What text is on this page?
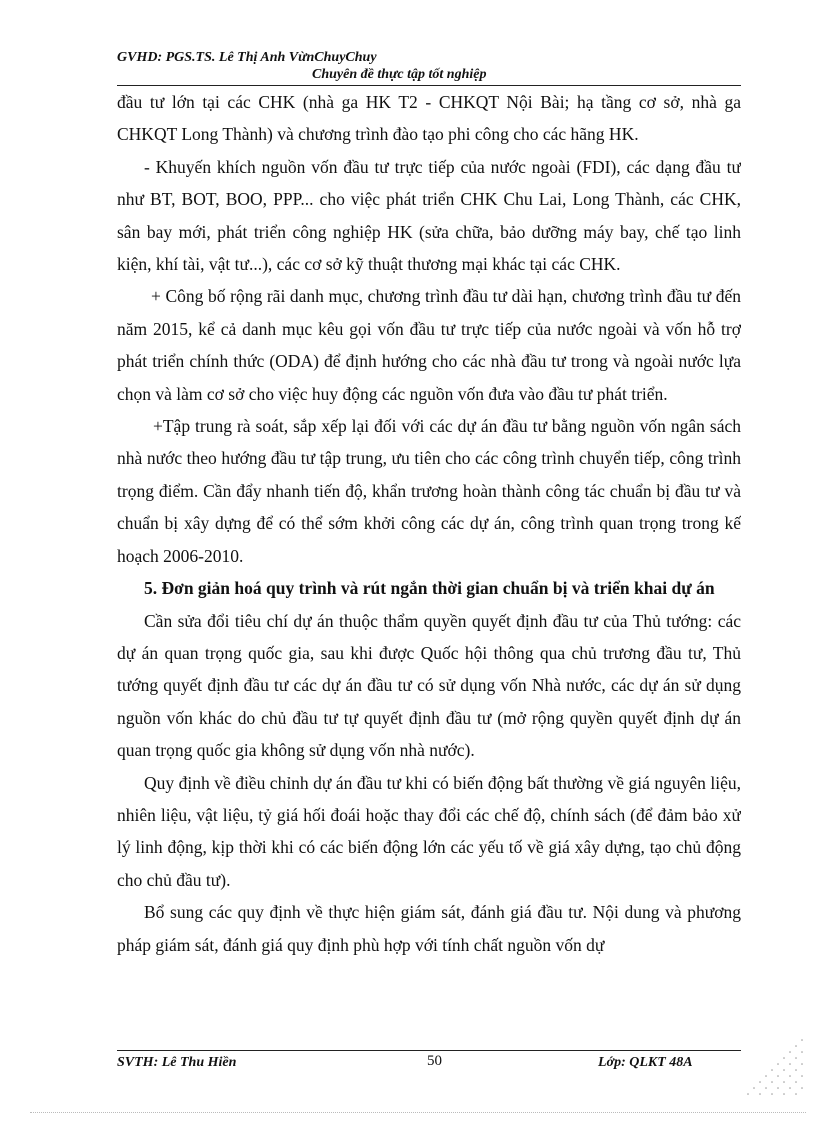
GVHD: PGS.TS. Lê Thị Anh VừnChuyChuy
Chuyên đề thực tập tốt nghiệp

đầu tư lớn tại các CHK (nhà ga HK T2 - CHKQT Nội Bài; hạ tầng cơ sở, nhà ga CHKQT Long Thành) và chương trình đào tạo phi công cho các hãng HK.

- Khuyến khích nguồn vốn đầu tư trực tiếp của nước ngoài (FDI), các dạng đầu tư như BT, BOT, BOO, PPP... cho việc phát triển CHK Chu Lai, Long Thành, các CHK, sân bay mới, phát triển công nghiệp HK (sửa chữa, bảo dưỡng máy bay, chế tạo linh kiện, khí tài, vật tư...), các cơ sở kỹ thuật thương mại khác tại các CHK.

+ Công bố rộng rãi danh mục, chương trình đầu tư dài hạn, chương trình đầu tư đến năm 2015, kể cả danh mục kêu gọi vốn đầu tư trực tiếp của nước ngoài và vốn hỗ trợ phát triển chính thức (ODA) để định hướng cho các nhà đầu tư trong và ngoài nước lựa chọn và làm cơ sở cho việc huy động các nguồn vốn đưa vào đầu tư phát triển.

+Tập trung rà soát, sắp xếp lại đối với các dự án đầu tư bằng nguồn vốn ngân sách nhà nước theo hướng đầu tư tập trung, ưu tiên cho các công trình chuyển tiếp, công trình trọng điểm. Cần đẩy nhanh tiến độ, khẩn trương hoàn thành công tác chuẩn bị đầu tư và chuẩn bị xây dựng để có thể sớm khởi công các dự án, công trình quan trọng trong kế hoạch 2006-2010.

5. Đơn giản hoá quy trình và rút ngắn thời gian chuẩn bị và triển khai dự án

Cần sửa đổi tiêu chí dự án thuộc thẩm quyền quyết định đầu tư của Thủ tướng: các dự án quan trọng quốc gia, sau khi được Quốc hội thông qua chủ trương đầu tư, Thủ tướng quyết định đầu tư các dự án đầu tư có sử dụng vốn Nhà nước, các dự án sử dụng nguồn vốn khác do chủ đầu tư tự quyết định đầu tư (mở rộng quyền quyết định dự án quan trọng quốc gia không sử dụng vốn nhà nước).

Quy định về điều chỉnh dự án đầu tư khi có biến động bất thường về giá nguyên liệu, nhiên liệu, vật liệu, tỷ giá hối đoái hoặc thay đổi các chế độ, chính sách (để đảm bảo xử lý linh động, kịp thời khi có các biến động lớn các yếu tố về giá xây dựng, tạo chủ động cho chủ đầu tư).

Bổ sung các quy định về thực hiện giám sát, đánh giá đầu tư. Nội dung và phương pháp giám sát, đánh giá quy định phù hợp với tính chất nguồn vốn dự

SVTH: Lê Thu Hiền	50	Lớp: QLKT 48A
